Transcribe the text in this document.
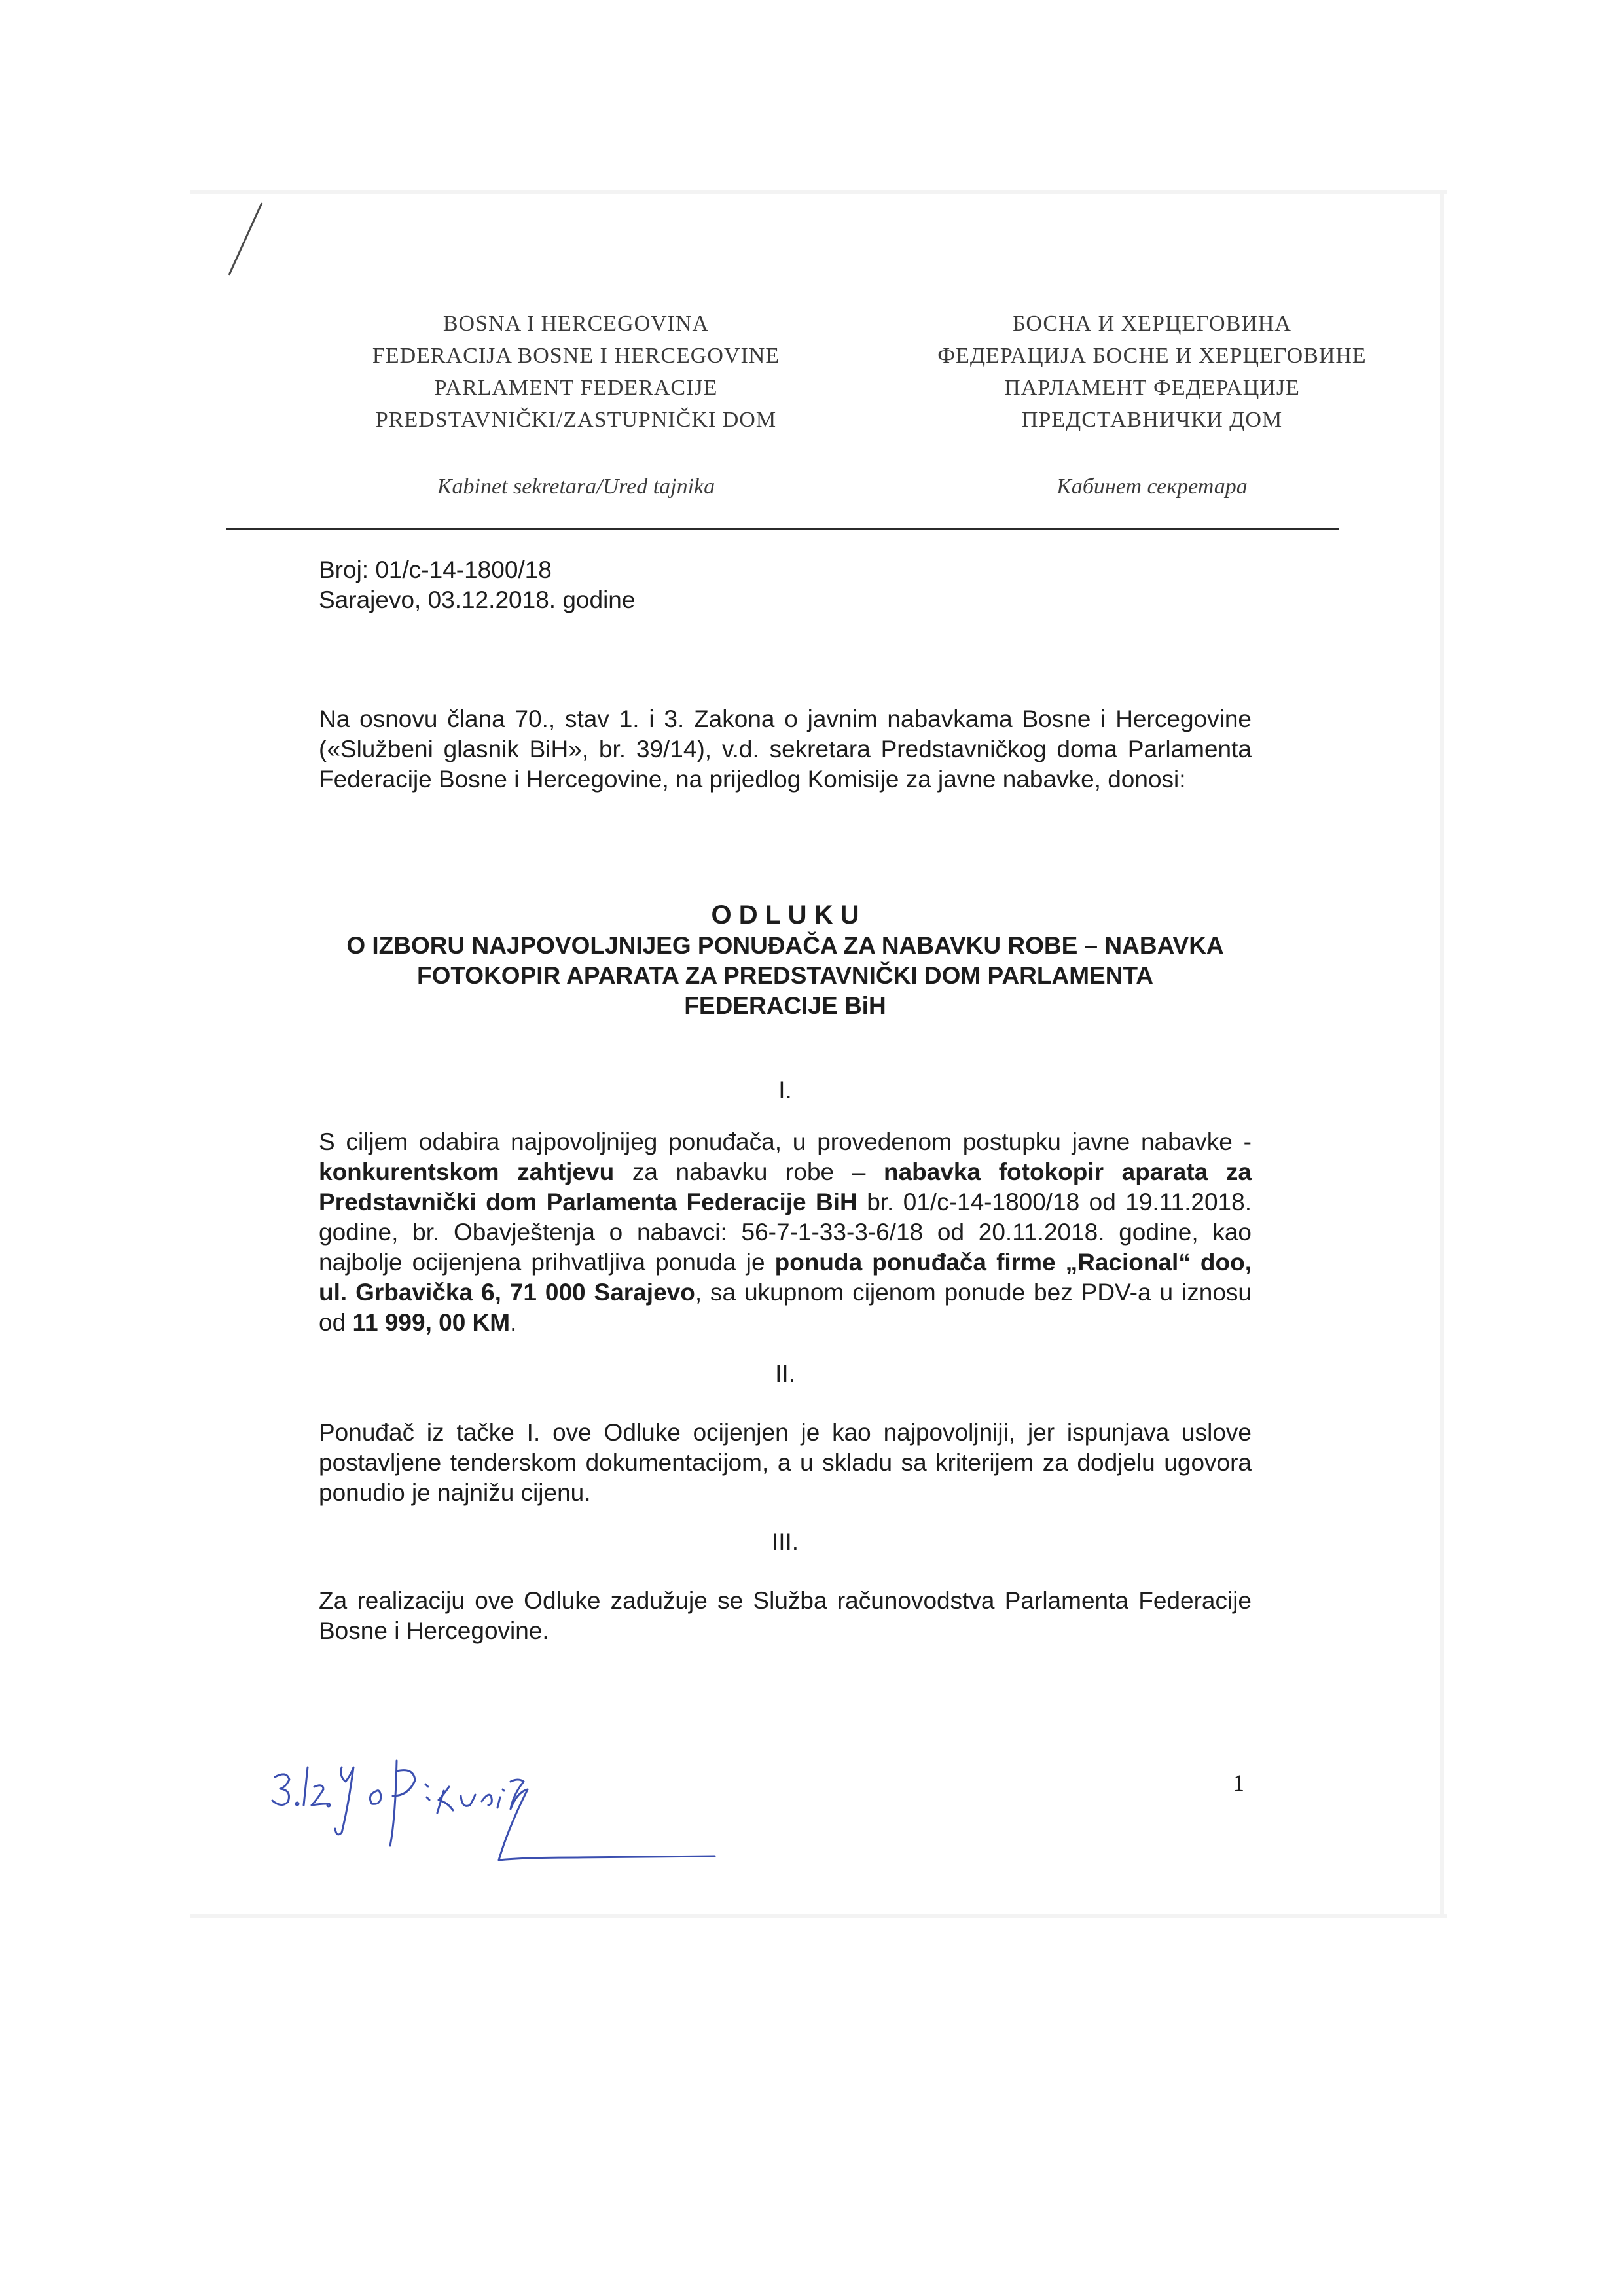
BOSNA I HERCEGOVINA
FEDERACIJA BOSNE I HERCEGOVINE
PARLAMENT FEDERACIJE
PREDSTAVNIČKI/ZASTUPNIČKI DOM
Kabinet sekretara/Ured tajnika
БОСНА И ХЕРЦЕГОВИНА
ФЕДЕРАЦИЈА БОСНЕ И ХЕРЦЕГОВИНЕ
ПАРЛАМЕНТ ФЕДЕРАЦИЈЕ
ПРЕДСТАВНИЧКИ ДОМ
Кабинет секретара
Broj: 01/c-14-1800/18
Sarajevo, 03.12.2018. godine
Na osnovu člana 70., stav 1. i 3. Zakona o javnim nabavkama Bosne i Hercegovine («Službeni glasnik BiH», br. 39/14), v.d. sekretara Predstavničkog doma Parlamenta Federacije Bosne i Hercegovine, na prijedlog Komisije za javne nabavke, donosi:
O D L U K U
O IZBORU NAJPOVOLJNIJEG PONUĐAČA ZA NABAVKU ROBE – NABAVKA
FOTOKOPIR APARATA ZA PREDSTAVNIČKI DOM PARLAMENTA
FEDERACIJE BiH
I.
S ciljem odabira najpovoljnijeg ponuđača, u provedenom postupku javne nabavke - konkurentskom zahtjevu za nabavku robe – nabavka fotokopir aparata za Predstavnički dom Parlamenta Federacije BiH br. 01/c-14-1800/18 od 19.11.2018. godine, br. Obavještenja o nabavci: 56-7-1-33-3-6/18 od 20.11.2018. godine, kao najbolje ocijenjena prihvatljiva ponuda je ponuda ponuđača firme „Racional“ doo, ul. Grbavička 6, 71 000 Sarajevo, sa ukupnom cijenom ponude bez PDV-a u iznosu od 11 999, 00 KM.
II.
Ponuđač iz tačke I. ove Odluke ocijenjen je kao najpovoljniji, jer ispunjava uslove postavljene tenderskom dokumentacijom, a u skladu sa kriterijem za dodjelu ugovora ponudio je najnižu cijenu.
III.
Za realizaciju ove Odluke zadužuje se Služba računovodstva Parlamenta Federacije Bosne i Hercegovine.
1
